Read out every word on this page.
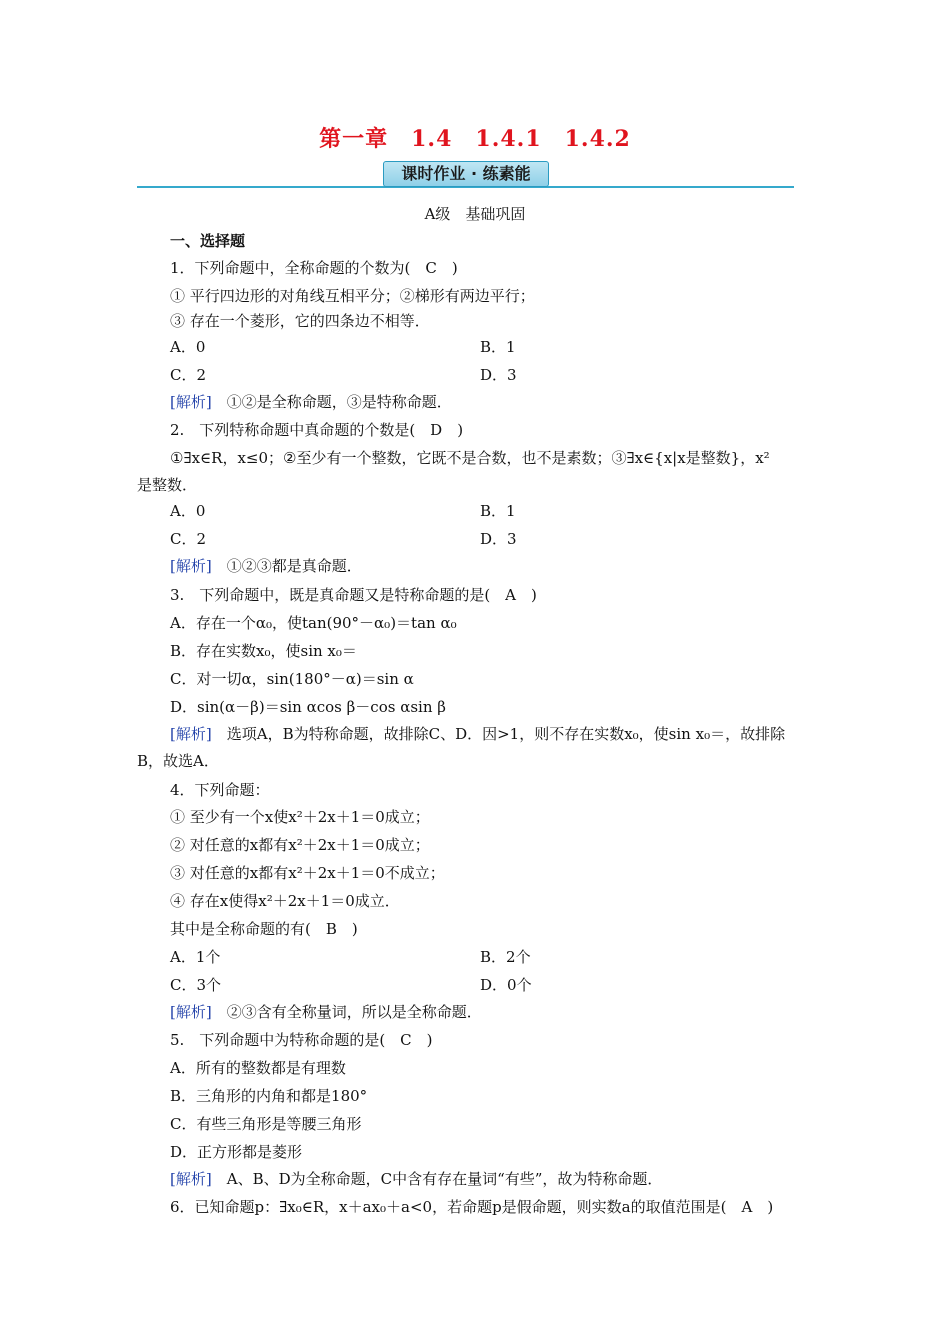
第一章　1.4　1.4.1　1.4.2
课时作业 · 练素能
A级　基础巩固
一、选择题
1．下列命题中，全称命题的个数为(　C　)
① 平行四边形的对角线互相平分；②梯形有两边平行；
③ 存在一个菱形，它的四条边不相等．
A．0	B．1
C．2	D．3
[解析]　 ①②是全称命题，③是特称命题．
2.　下列特称命题中真命题的个数是(　D　)
①∃x∈R，x≤0；②至少有一个整数，它既不是合数，也不是素数；③∃x∈{x|x是整数}，x²
是整数．
A．0	B．1
C．2	D．3
[解析]　 ①②③都是真命题．
3.　下列命题中，既是真命题又是特称命题的是(　A　)
A．存在一个α₀，使tan(90°－α₀)＝tan α₀
B．存在实数x₀，使sin x₀＝
C．对一切α，sin(180°－α)＝sin α
D．sin(α－β)＝sin αcos β－cos αsin β
[解析]　 选项A，B为特称命题，故排除C、D．因>1，则不存在实数x₀，使sin x₀＝，故排除
B，故选A．
4．下列命题：
① 至少有一个x使x²＋2x＋1＝0成立；
② 对任意的x都有x²＋2x＋1＝0成立；
③ 对任意的x都有x²＋2x＋1＝0不成立；
④ 存在x使得x²＋2x＋1＝0成立．
其中是全称命题的有(　B　)
A．1个	B．2个
C．3个	D．0个
[解析]　 ②③含有全称量词，所以是全称命题．
5.　下列命题中为特称命题的是(　C　)
A．所有的整数都是有理数
B．三角形的内角和都是180°
C．有些三角形是等腰三角形
D．正方形都是菱形
[解析]　 A、B、D为全称命题，C中含有存在量词“有些”，故为特称命题．
6．已知命题p：∃x₀∈R，x＋ax₀＋a<0，若命题p是假命题，则实数a的取值范围是(　A　)
